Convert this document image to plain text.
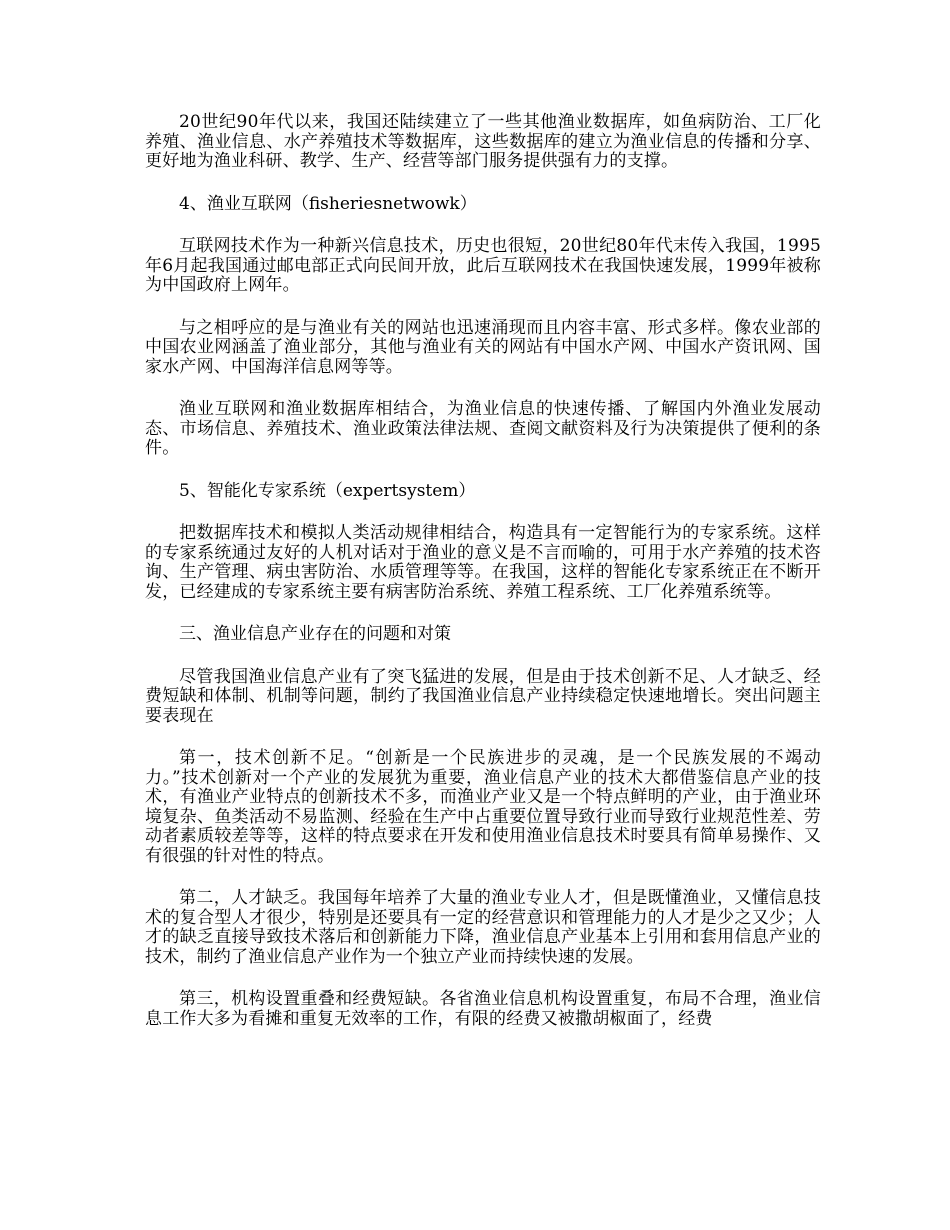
20世纪90年代以来，我国还陆续建立了一些其他渔业数据库，如鱼病防治、工厂化养殖、渔业信息、水产养殖技术等数据库，这些数据库的建立为渔业信息的传播和分享、更好地为渔业科研、教学、生产、经营等部门服务提供强有力的支撑。

4、渔业互联网（fisheriesnetwowk）

互联网技术作为一种新兴信息技术，历史也很短，20世纪80年代末传入我国，1995年6月起我国通过邮电部正式向民间开放，此后互联网技术在我国快速发展，1999年被称为中国政府上网年。

与之相呼应的是与渔业有关的网站也迅速涌现而且内容丰富、形式多样。像农业部的中国农业网涵盖了渔业部分，其他与渔业有关的网站有中国水产网、中国水产资讯网、国家水产网、中国海洋信息网等等。

渔业互联网和渔业数据库相结合，为渔业信息的快速传播、了解国内外渔业发展动态、市场信息、养殖技术、渔业政策法律法规、查阅文献资料及行为决策提供了便利的条件。

5、智能化专家系统（expertsystem）

把数据库技术和模拟人类活动规律相结合，构造具有一定智能行为的专家系统。这样的专家系统通过友好的人机对话对于渔业的意义是不言而喻的，可用于水产养殖的技术咨询、生产管理、病虫害防治、水质管理等等。在我国，这样的智能化专家系统正在不断开发，已经建成的专家系统主要有病害防治系统、养殖工程系统、工厂化养殖系统等。

三、渔业信息产业存在的问题和对策

尽管我国渔业信息产业有了突飞猛进的发展，但是由于技术创新不足、人才缺乏、经费短缺和体制、机制等问题，制约了我国渔业信息产业持续稳定快速地增长。突出问题主要表现在

第一，技术创新不足。“创新是一个民族进步的灵魂，是一个民族发展的不竭动力。”技术创新对一个产业的发展犹为重要，渔业信息产业的技术大都借鉴信息产业的技术，有渔业产业特点的创新技术不多，而渔业产业又是一个特点鲜明的产业，由于渔业环境复杂、鱼类活动不易监测、经验在生产中占重要位置导致行业而导致行业规范性差、劳动者素质较差等等，这样的特点要求在开发和使用渔业信息技术时要具有简单易操作、又有很强的针对性的特点。

第二，人才缺乏。我国每年培养了大量的渔业专业人才，但是既懂渔业，又懂信息技术的复合型人才很少，特别是还要具有一定的经营意识和管理能力的人才是少之又少；人才的缺乏直接导致技术落后和创新能力下降，渔业信息产业基本上引用和套用信息产业的技术，制约了渔业信息产业作为一个独立产业而持续快速的发展。

第三，机构设置重叠和经费短缺。各省渔业信息机构设置重复，布局不合理，渔业信息工作大多为看摊和重复无效率的工作，有限的经费又被撒胡椒面了，经费
